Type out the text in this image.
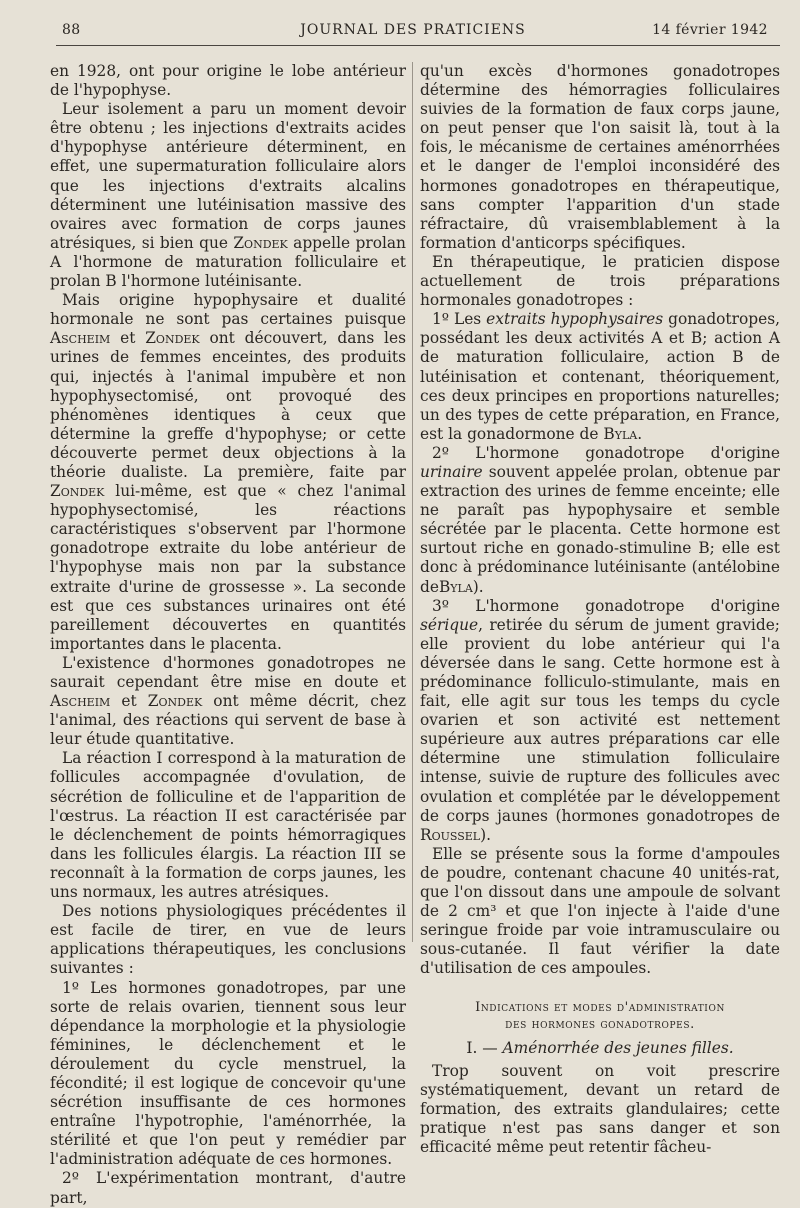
88	JOURNAL DES PRATICIENS	14 février 1942

en 1928, ont pour origine le lobe antérieur de l'hypophyse.

Leur isolement a paru un moment devoir être obtenu ; les injections d'extraits acides d'hypophyse antérieure déterminent, en effet, une supermaturation folliculaire alors que les injections d'extraits alcalins déterminent une lutéinisation massive des ovaires avec formation de corps jaunes atrésiques, si bien que Zondek appelle prolan A l'hormone de maturation folliculaire et prolan B l'hormone lutéinisante.

Mais origine hypophysaire et dualité hormonale ne sont pas certaines puisque Ascheim et Zondek ont découvert, dans les urines de femmes enceintes, des produits qui, injectés à l'animal impubère et non hypophysectomisé, ont provoqué des phénomènes identiques à ceux que détermine la greffe d'hypophyse; or cette découverte permet deux objections à la théorie dualiste. La première, faite par Zondek lui-même, est que « chez l'animal hypophysectomisé, les réactions caractéristiques s'observent par l'hormone gonadotrope extraite du lobe antérieur de l'hypophyse mais non par la substance extraite d'urine de grossesse ». La seconde est que ces substances urinaires ont été pareillement découvertes en quantités importantes dans le placenta.

L'existence d'hormones gonadotropes ne saurait cependant être mise en doute et Ascheim et Zondek ont même décrit, chez l'animal, des réactions qui servent de base à leur étude quantitative.

La réaction I correspond à la maturation de follicules accompagnée d'ovulation, de sécrétion de folliculine et de l'apparition de l'œstrus. La réaction II est caractérisée par le déclenchement de points hémorragiques dans les follicules élargis. La réaction III se reconnaît à la formation de corps jaunes, les uns normaux, les autres atrésiques.

Des notions physiologiques précédentes il est facile de tirer, en vue de leurs applications thérapeutiques, les conclusions suivantes :

1º Les hormones gonadotropes, par une sorte de relais ovarien, tiennent sous leur dépendance la morphologie et la physiologie féminines, le déclenchement et le déroulement du cycle menstruel, la fécondité; il est logique de concevoir qu'une sécrétion insuffisante de ces hormones entraîne l'hypotrophie, l'aménorrhée, la stérilité et que l'on peut y remédier par l'administration adéquate de ces hormones.

2º L'expérimentation montrant, d'autre part,

qu'un excès d'hormones gonadotropes détermine des hémorragies folliculaires suivies de la formation de faux corps jaune, on peut penser que l'on saisit là, tout à la fois, le mécanisme de certaines aménorrhées et le danger de l'emploi inconsidéré des hormones gonadotropes en thérapeutique, sans compter l'apparition d'un stade réfractaire, dû vraisemblablement à la formation d'anticorps spécifiques.

En thérapeutique, le praticien dispose actuellement de trois préparations hormonales gonadotropes :

1º Les extraits hypophysaires gonadotropes, possédant les deux activités A et B; action A de maturation folliculaire, action B de lutéinisation et contenant, théoriquement, ces deux principes en proportions naturelles; un des types de cette préparation, en France, est la gonadormone de Byla.

2º L'hormone gonadotrope d'origine urinaire souvent appelée prolan, obtenue par extraction des urines de femme enceinte; elle ne paraît pas hypophysaire et semble sécrétée par le placenta. Cette hormone est surtout riche en gonado-stimuline B; elle est donc à prédominance lutéinisante (antélobine deByla).

3º L'hormone gonadotrope d'origine sérique, retirée du sérum de jument gravide; elle provient du lobe antérieur qui l'a déversée dans le sang. Cette hormone est à prédominance folliculo-stimulante, mais en fait, elle agit sur tous les temps du cycle ovarien et son activité est nettement supérieure aux autres préparations car elle détermine une stimulation folliculaire intense, suivie de rupture des follicules avec ovulation et complétée par le développement de corps jaunes (hormones gonadotropes de Roussel).

Elle se présente sous la forme d'ampoules de poudre, contenant chacune 40 unités-rat, que l'on dissout dans une ampoule de solvant de 2 cm³ et que l'on injecte à l'aide d'une seringue froide par voie intramusculaire ou sous-cutanée. Il faut vérifier la date d'utilisation de ces ampoules.

Indications et modes d'administration
des hormones gonadotropes.

I. — Aménorrhée des jeunes filles.

Trop souvent on voit prescrire systématiquement, devant un retard de formation, des extraits glandulaires; cette pratique n'est pas sans danger et son efficacité même peut retentir fâcheu-
